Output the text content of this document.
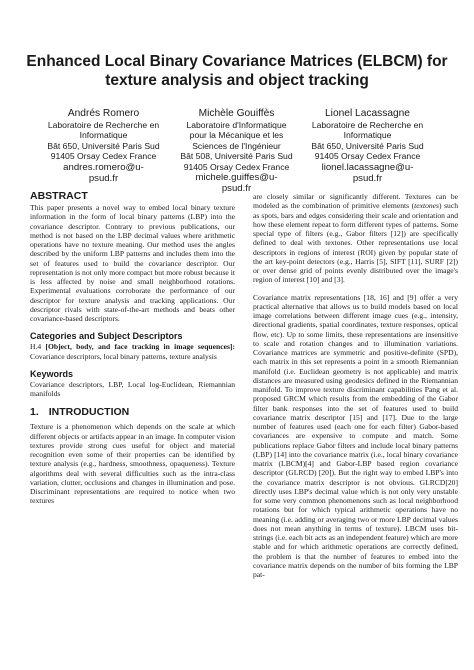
Enhanced Local Binary Covariance Matrices (ELBCM) for
texture analysis and object tracking
Andrés Romero
Laboratoire de Recherche en
Informatique
Bât 650, Université Paris Sud
91405 Orsay Cedex France
andres.romero@u-
psud.fr
Michèle Gouiffès
Laboratoire d'Informatique
pour la Mécanique et les
Sciences de l'Ingénieur
Bât 508, Université Paris Sud
91405 Orsay Cedex France
michele.guiffes@u-
psud.fr
Lionel Lacassagne
Laboratoire de Recherche en
Informatique
Bât 650, Université Paris Sud
91405 Orsay Cedex France
lionel.lacassagne@u-
psud.fr
ABSTRACT

This paper presents a novel way to embed local binary texture information in the form of local binary patterns (LBP) into the covariance descriptor. Contrary to previous publications, our method is not based on the LBP decimal values where arithmetic operations have no texture meaning. Our method uses the angles described by the uniform LBP patterns and includes them into the set of features used to build the covariance descriptor. Our representation is not only more compact but more robust because it is less affected by noise and small neighborhood rotations. Experimental evaluations corroborate the performance of our descriptor for texture analysis and tracking applications. Our descriptor rivals with state-of-the-art methods and beats other covariance-based descriptors.

Categories and Subject Descriptors

H.4 [Object, body, and face tracking in image sequences]: Covariance descriptors, local binary patterns, texture analysis

Keywords

Covariance descriptors, LBP, Local log-Euclidean, Riemannian manifolds

1. INTRODUCTION

Texture is a phenomenon which depends on the scale at which different objects or artifacts appear in an image. In computer vision textures provide strong cues useful for object and material recognition even some of their properties can be identified by texture analysis (e.g., hardness, smoothness, opaqueness). Texture algorithms deal with several difficulties such as the intra-class variation, clutter, occlusions and changes in illumination and pose. Discriminant representations are required to notice when two textures

are closely similar or significantly different. Textures can be modeled as the combination of primitive elements (textones) such as spots, bars and edges considering their scale and orientation and how these element repeat to form different types of patterns. Some special type of filters (e.g., Gabor filters [12]) are specifically defined to deal with textones. Other representations use local descriptors in regions of interest (ROI) given by popular state of the art key-point detectors (e.g., Harris [5], SIFT [11], SURF [2]) or over dense grid of points evenly distributed over the image's region of interest [10] and [3].

Covariance matrix representations [18, 16] and [9] offer a very practical alternative that allows us to build models based on local image correlations between different image cues (e.g., intensity, directional gradients, spatial coordinates, texture responses, optical flow, etc). Up to some limits, these representations are insensitive to scale and rotation changes and to illumination variations. Covariance matrices are symmetric and positive-definite (SPD), each matrix in this set represents a point in a smooth Riemannian manifold (i.e. Euclidean geometry is not applicable) and matrix distances are measured using geodesics defined in the Riemannian manifold. To improve texture discriminant capabilities Pang et al. proposed GRCM which results from the embedding of the Gabor filter bank responses into the set of features used to build covariance matrix descriptor [15] and [17]. Due to the large number of features used (each one for each filter) Gabor-based covariances are expensive to compute and match. Some publications replace Gabor filters and include local binary patterns (LBP) [14] into the covariance matrix (i.e., local binary covariance matrix (LBCM)[4] and Gabor-LBP based region covariance descriptor (GLRCD) [20]). But the right way to embed LBP's into the covariance matrix descriptor is not obvious. GLRCD[20] directly uses LBP's decimal value which is not only very unstable for some very common phenomenons such as local neighborhood rotations but for which typical arithmetic operations have no meaning (i.e. adding or averaging two or more LBP decimal values does not mean anything in terms of texture). LBCM uses bit-strings (i.e. each bit acts as an independent feature) which are more stable and for which arithmetic operations are correctly defined, the problem is that the number of features to embed into the covariance matrix depends on the number of bits forming the LBP pat-
